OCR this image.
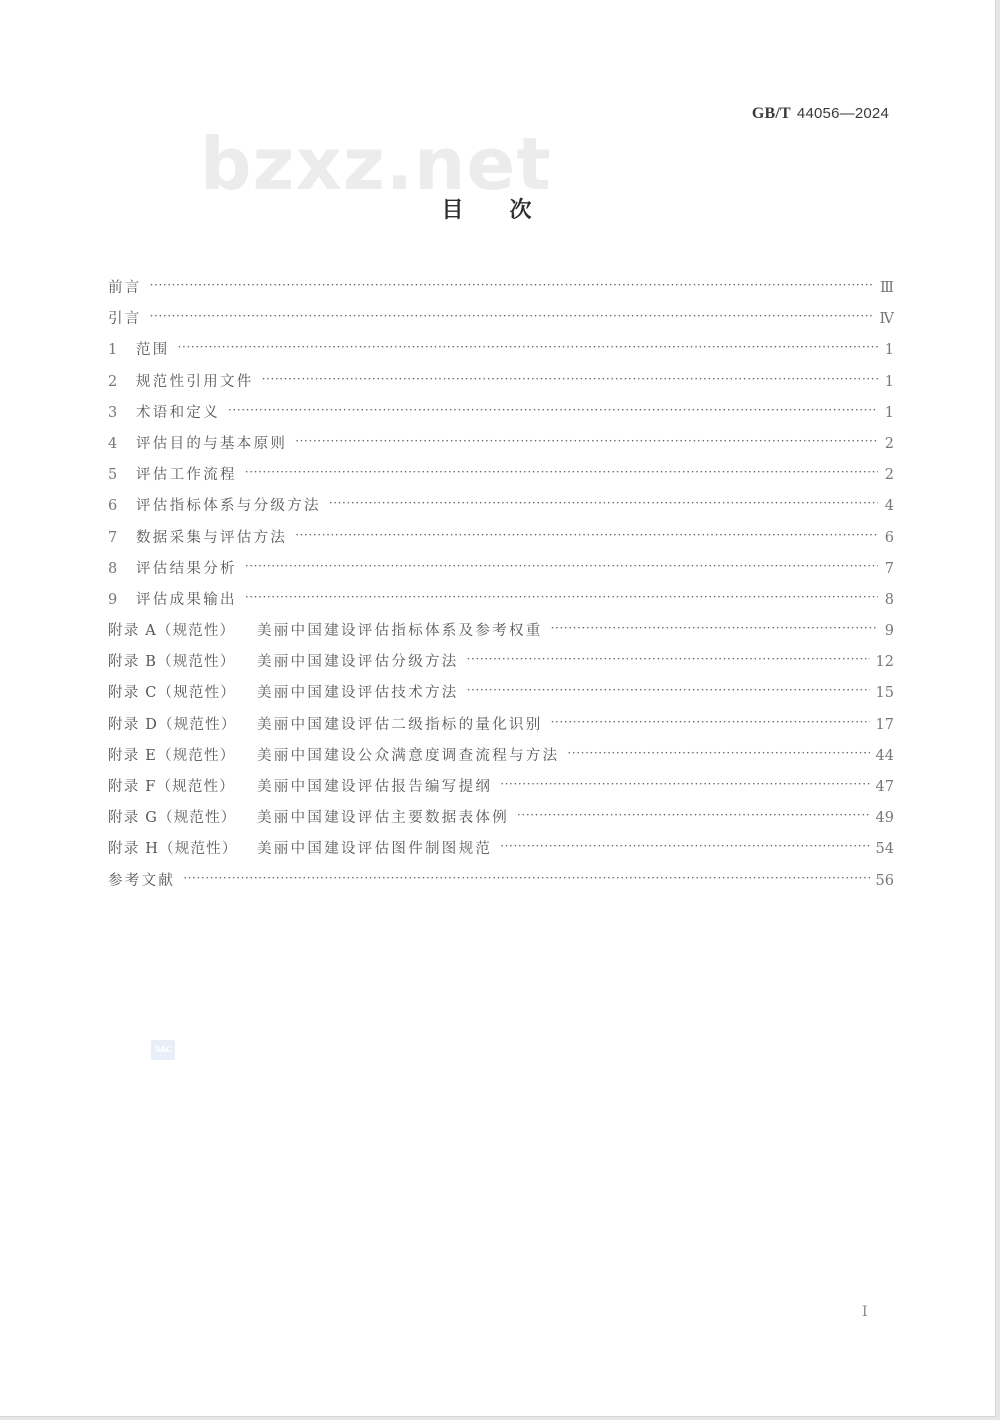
bzxz.net
GB/T 44056—2024
目次
前言 ·····	Ⅲ
引言 ·····	Ⅳ
1	范围 ·····	1
2	规范性引用文件 ·····	1
3	术语和定义 ·····	1
4	评估目的与基本原则 ·····	2
5	评估工作流程 ·····	2
6	评估指标体系与分级方法 ·····	4
7	数据采集与评估方法 ·····	6
8	评估结果分析 ·····	7
9	评估成果输出 ·····	8
附录 A（规范性）	美丽中国建设评估指标体系及参考权重 ·····	9
附录 B（规范性）	美丽中国建设评估分级方法 ·····	12
附录 C（规范性）	美丽中国建设评估技术方法 ·····	15
附录 D（规范性）	美丽中国建设评估二级指标的量化识别 ·····	17
附录 E（规范性）	美丽中国建设公众满意度调查流程与方法 ·····	44
附录 F（规范性）	美丽中国建设评估报告编写提纲 ·····	47
附录 G（规范性）	美丽中国建设评估主要数据表体例 ·····	49
附录 H（规范性）	美丽中国建设评估图件制图规范 ·····	54
参考文献 ·····	56
SAC
Ⅰ
